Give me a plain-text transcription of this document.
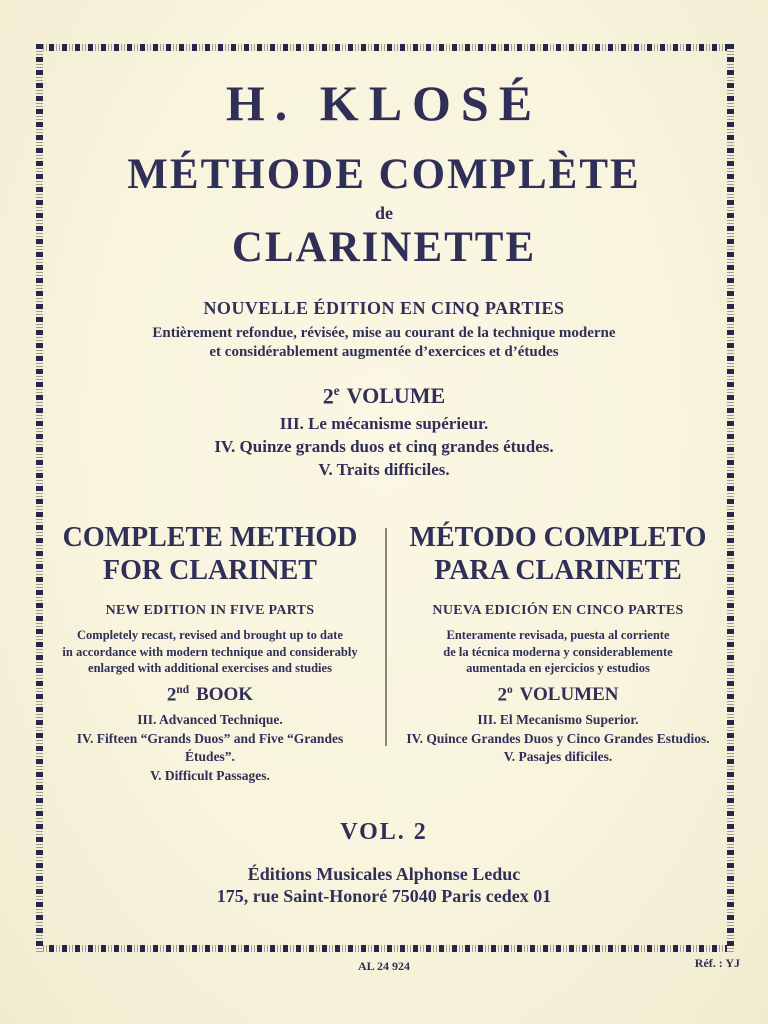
H. KLOSÉ
MÉTHODE COMPLÈTE
de
CLARINETTE
NOUVELLE ÉDITION EN CINQ PARTIES
Entièrement refondue, révisée, mise au courant de la technique moderne
et considérablement augmentée d’exercices et d’études
2e VOLUME
III. Le mécanisme supérieur.
IV. Quinze grands duos et cinq grandes études.
V. Traits difficiles.
COMPLETE METHOD
FOR CLARINET
NEW EDITION IN FIVE PARTS
Completely recast, revised and brought up to date
in accordance with modern technique and considerably
enlarged with additional exercises and studies
2nd BOOK
III. Advanced Technique.
IV. Fifteen “Grands Duos” and Five “Grandes Études”.
V. Difficult Passages.
MÉTODO COMPLETO
PARA CLARINETE
NUEVA EDICIÓN EN CINCO PARTES
Enteramente revisada, puesta al corriente
de la técnica moderna y considerablemente
aumentada en ejercicios y estudios
2$^o$ VOLUMEN
III. El Mecanismo Superior.
IV. Quince Grandes Duos y Cinco Grandes Estudios.
V. Pasajes dificiles.
VOL. 2
Éditions Musicales Alphonse Leduc
175, rue Saint-Honoré 75040 Paris cedex 01
AL 24 924	Réf. : YJ
